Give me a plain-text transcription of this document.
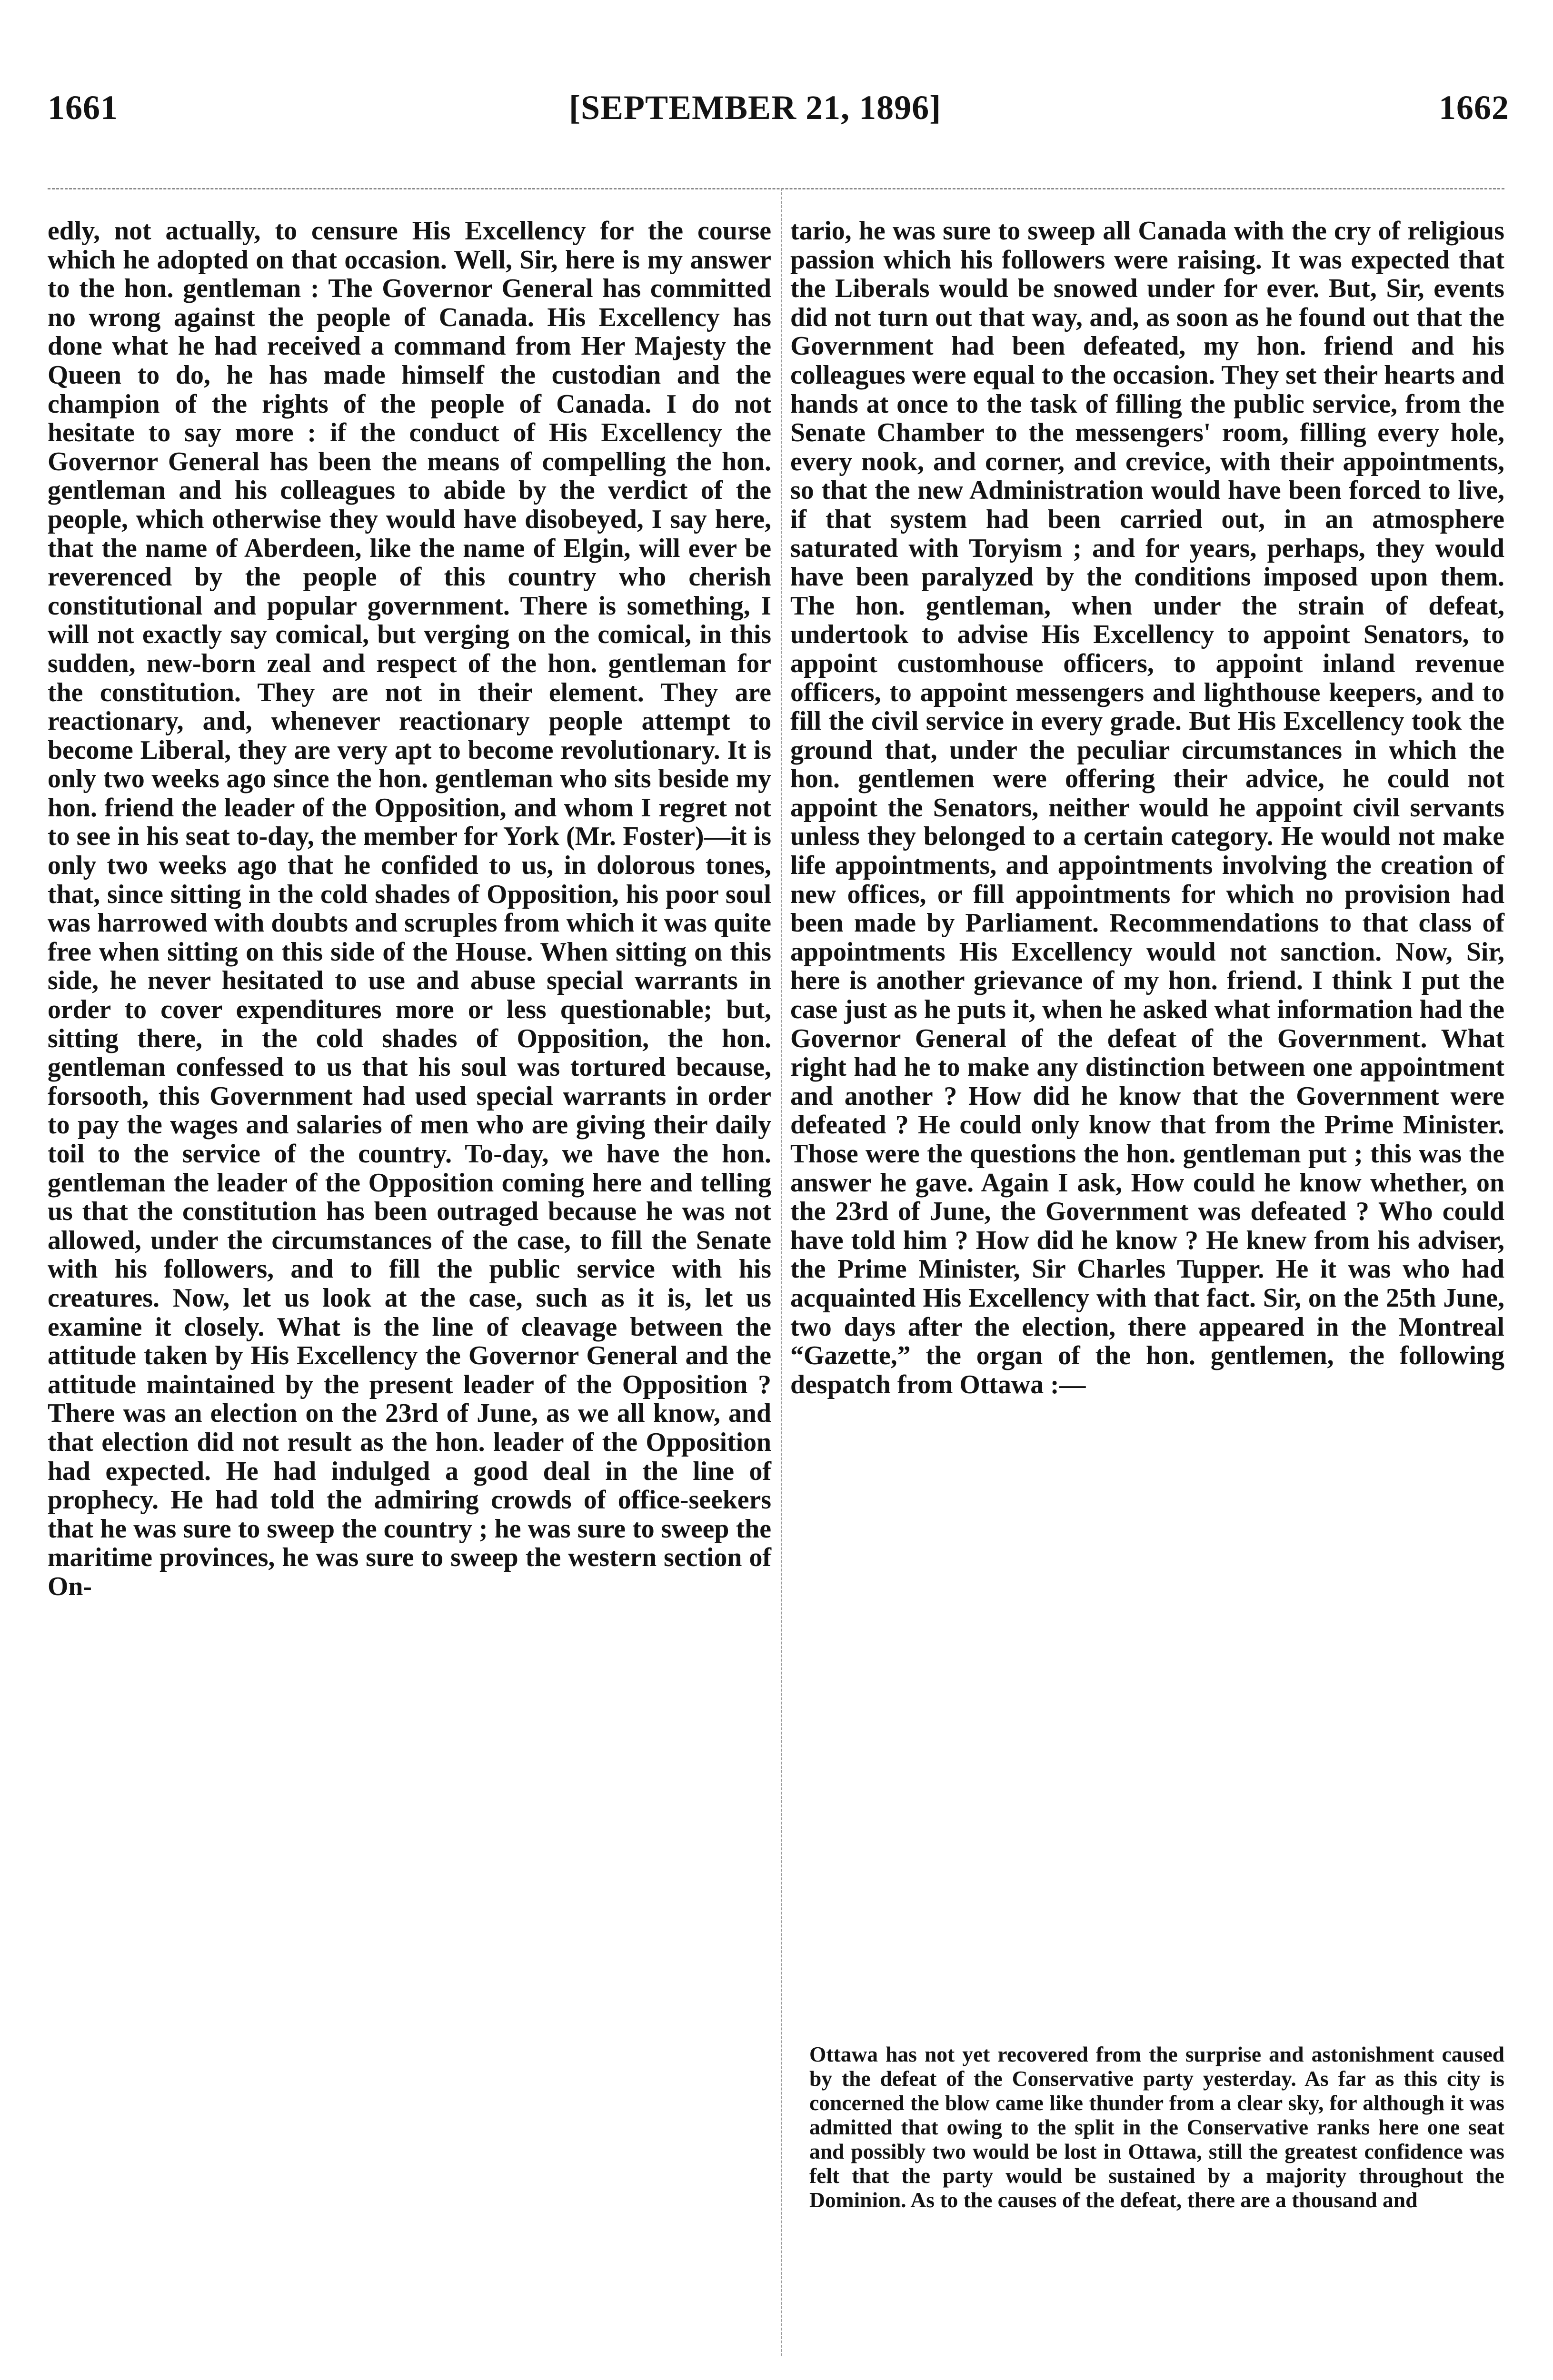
1661	[SEPTEMBER 21, 1896]	1662

edly, not actually, to censure His Excellency for the course which he adopted on that occasion. Well, Sir, here is my answer to the hon. gentleman : The Governor General has committed no wrong against the people of Canada. His Excellency has done what he had received a command from Her Majesty the Queen to do, he has made himself the custodian and the champion of the rights of the people of Canada. I do not hesitate to say more : if the conduct of His Excellency the Governor General has been the means of compelling the hon. gentleman and his colleagues to abide by the verdict of the people, which otherwise they would have disobeyed, I say here, that the name of Aberdeen, like the name of Elgin, will ever be reverenced by the people of this country who cherish constitutional and popular government. There is something, I will not exactly say comical, but verging on the comical, in this sudden, new-born zeal and respect of the hon. gentleman for the constitution. They are not in their element. They are reactionary, and, whenever reactionary people attempt to become Liberal, they are very apt to become revolutionary. It is only two weeks ago since the hon. gentleman who sits beside my hon. friend the leader of the Opposition, and whom I regret not to see in his seat to-day, the member for York (Mr. Foster)—it is only two weeks ago that he confided to us, in dolorous tones, that, since sitting in the cold shades of Opposition, his poor soul was harrowed with doubts and scruples from which it was quite free when sitting on this side of the House. When sitting on this side, he never hesitated to use and abuse special warrants in order to cover expenditures more or less questionable; but, sitting there, in the cold shades of Opposition, the hon. gentleman confessed to us that his soul was tortured because, forsooth, this Government had used special warrants in order to pay the wages and salaries of men who are giving their daily toil to the service of the country. To-day, we have the hon. gentleman the leader of the Opposition coming here and telling us that the constitution has been outraged because he was not allowed, under the circumstances of the case, to fill the Senate with his followers, and to fill the public service with his creatures. Now, let us look at the case, such as it is, let us examine it closely. What is the line of cleavage between the attitude taken by His Excellency the Governor General and the attitude maintained by the present leader of the Opposition ? There was an election on the 23rd of June, as we all know, and that election did not result as the hon. leader of the Opposition had expected. He had indulged a good deal in the line of prophecy. He had told the admiring crowds of office-seekers that he was sure to sweep the country ; he was sure to sweep the maritime provinces, he was sure to sweep the western section of On-

tario, he was sure to sweep all Canada with the cry of religious passion which his followers were raising. It was expected that the Liberals would be snowed under for ever. But, Sir, events did not turn out that way, and, as soon as he found out that the Government had been defeated, my hon. friend and his colleagues were equal to the occasion. They set their hearts and hands at once to the task of filling the public service, from the Senate Chamber to the messengers' room, filling every hole, every nook, and corner, and crevice, with their appointments, so that the new Administration would have been forced to live, if that system had been carried out, in an atmosphere saturated with Toryism ; and for years, perhaps, they would have been paralyzed by the conditions imposed upon them. The hon. gentleman, when under the strain of defeat, undertook to advise His Excellency to appoint Senators, to appoint customhouse officers, to appoint inland revenue officers, to appoint messengers and lighthouse keepers, and to fill the civil service in every grade. But His Excellency took the ground that, under the peculiar circumstances in which the hon. gentlemen were offering their advice, he could not appoint the Senators, neither would he appoint civil servants unless they belonged to a certain category. He would not make life appointments, and appointments involving the creation of new offices, or fill appointments for which no provision had been made by Parliament. Recommendations to that class of appointments His Excellency would not sanction. Now, Sir, here is another grievance of my hon. friend. I think I put the case just as he puts it, when he asked what information had the Governor General of the defeat of the Government. What right had he to make any distinction between one appointment and another ? How did he know that the Government were defeated ? He could only know that from the Prime Minister. Those were the questions the hon. gentleman put ; this was the answer he gave. Again I ask, How could he know whether, on the 23rd of June, the Government was defeated ? Who could have told him ? How did he know ? He knew from his adviser, the Prime Minister, Sir Charles Tupper. He it was who had acquainted His Excellency with that fact. Sir, on the 25th June, two days after the election, there appeared in the Montreal “Gazette,” the organ of the hon. gentlemen, the following despatch from Ottawa :—

Ottawa has not yet recovered from the surprise and astonishment caused by the defeat of the Conservative party yesterday. As far as this city is concerned the blow came like thunder from a clear sky, for although it was admitted that owing to the split in the Conservative ranks here one seat and possibly two would be lost in Ottawa, still the greatest confidence was felt that the party would be sustained by a majority throughout the Dominion. As to the causes of the defeat, there are a thousand and
